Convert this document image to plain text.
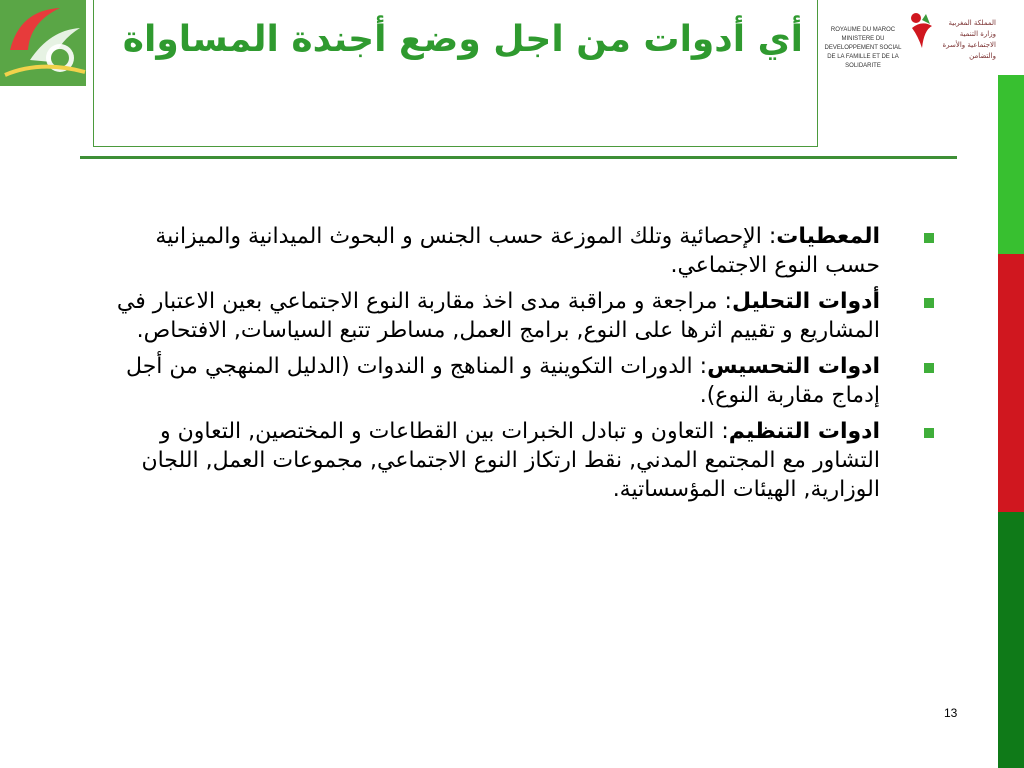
أي أدوات من اجل وضع أجندة المساواة	ROYAUME DU MAROC MINISTERE DU DEVELOPPEMENT SOCIAL DE LA FAMILLE ET DE LA SOLIDARITE
المملكة المغربية وزارة التنمية الاجتماعية والأسرة والتضامن
المعطيات: الإحصائية وتلك الموزعة حسب الجنس و البحوث الميدانية والميزانية حسب النوع الاجتماعي.
أدوات التحليل: مراجعة و مراقبة مدى اخذ مقاربة النوع الاجتماعي بعين الاعتبار في المشاريع و تقييم اثرها على النوع, برامج العمل, مساطر تتبع السياسات, الافتحاص.
ادوات التحسيس: الدورات التكوينية و المناهج و الندوات (الدليل المنهجي من أجل إدماج مقاربة النوع).
ادوات التنظيم: التعاون و تبادل الخبرات بين القطاعات و المختصين, التعاون و التشاور مع المجتمع المدني, نقط ارتكاز النوع الاجتماعي, مجموعات العمل, اللجان الوزارية, الهيئات المؤسساتية.
13
